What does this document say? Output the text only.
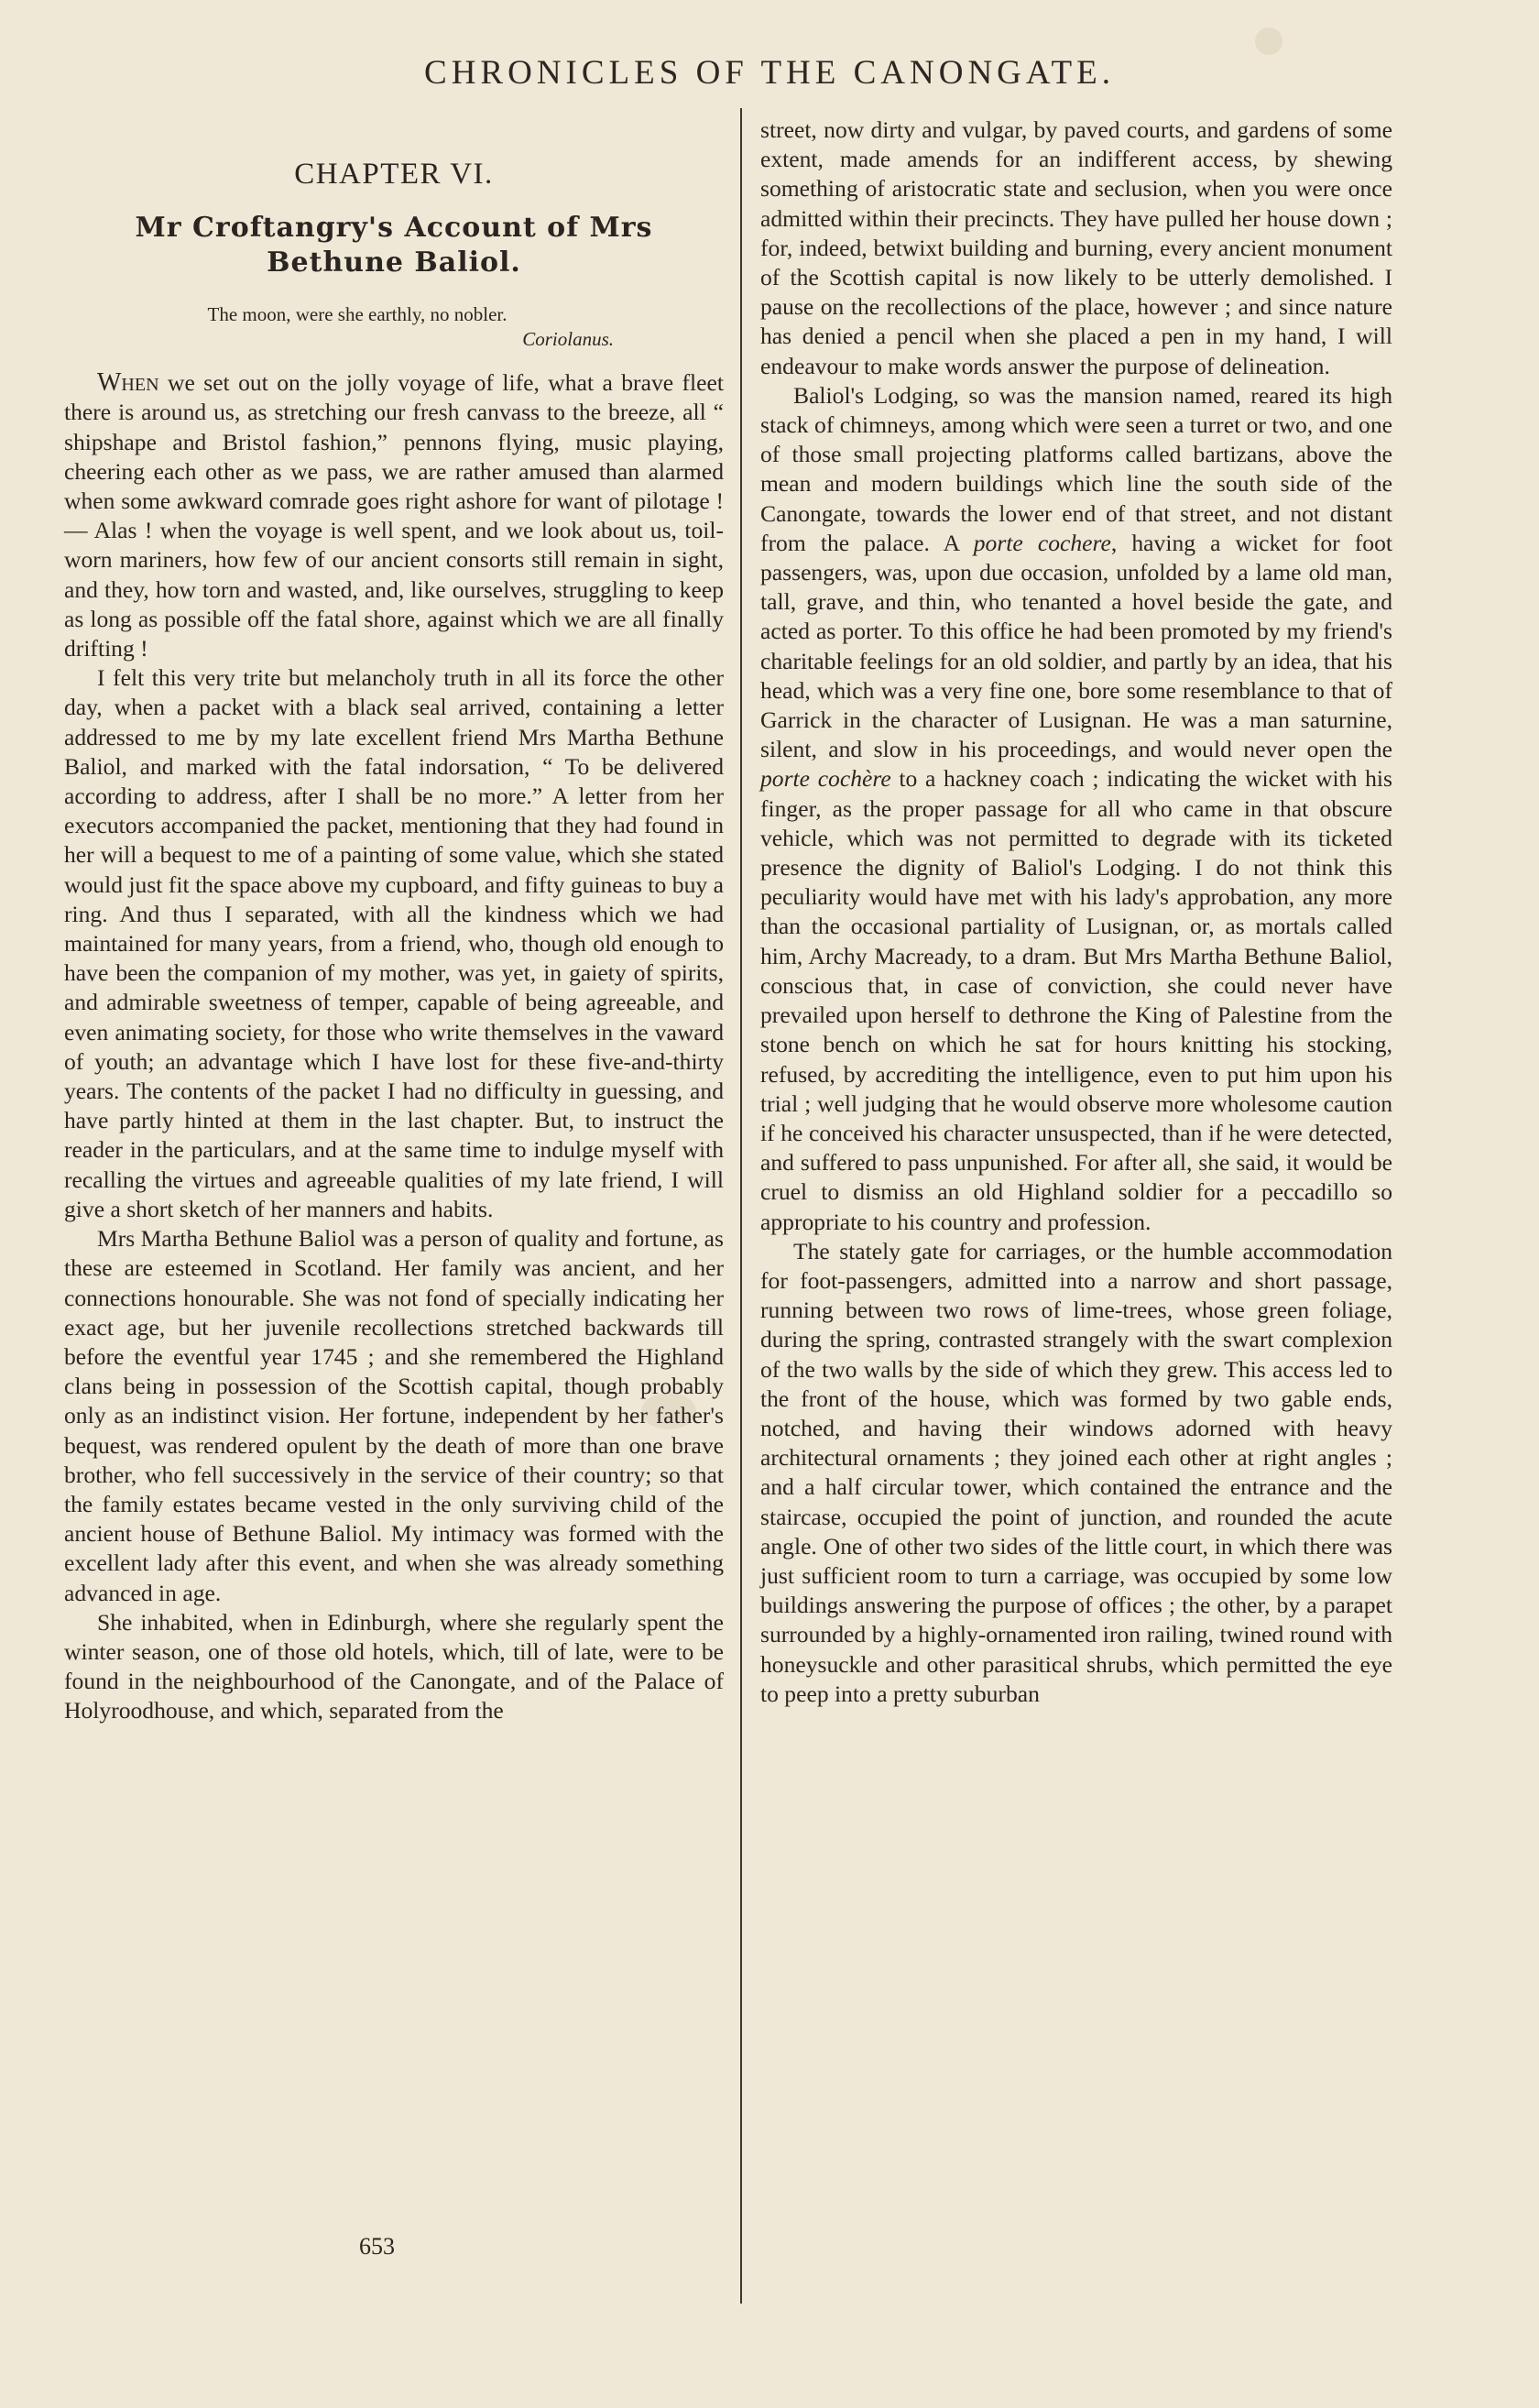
CHRONICLES OF THE CANONGATE.
CHAPTER VI.
Mr Croftangry's Account of Mrs Bethune Baliol.
The moon, were she earthly, no nobler.
Coriolanus.

When we set out on the jolly voyage of life, what a brave fleet there is around us, as stretching our fresh canvass to the breeze, all “ shipshape and Bristol fashion,” pennons flying, music playing, cheering each other as we pass, we are rather amused than alarmed when some awkward comrade goes right ashore for want of pilotage ! — Alas ! when the voyage is well spent, and we look about us, toil-worn mariners, how few of our ancient consorts still remain in sight, and they, how torn and wasted, and, like ourselves, struggling to keep as long as possible off the fatal shore, against which we are all finally drifting !

I felt this very trite but melancholy truth in all its force the other day, when a packet with a black seal arrived, containing a letter addressed to me by my late excellent friend Mrs Martha Bethune Baliol, and marked with the fatal indorsation, “ To be delivered according to address, after I shall be no more.” A letter from her executors accompanied the packet, mentioning that they had found in her will a bequest to me of a painting of some value, which she stated would just fit the space above my cupboard, and fifty guineas to buy a ring. And thus I separated, with all the kindness which we had maintained for many years, from a friend, who, though old enough to have been the companion of my mother, was yet, in gaiety of spirits, and admirable sweetness of temper, capable of being agreeable, and even animating society, for those who write themselves in the vaward of youth; an advantage which I have lost for these five-and-thirty years. The contents of the packet I had no difficulty in guessing, and have partly hinted at them in the last chapter. But, to instruct the reader in the particulars, and at the same time to indulge myself with recalling the virtues and agreeable qualities of my late friend, I will give a short sketch of her manners and habits.

Mrs Martha Bethune Baliol was a person of quality and fortune, as these are esteemed in Scotland. Her family was ancient, and her connections honourable. She was not fond of specially indicating her exact age, but her juvenile recollections stretched backwards till before the eventful year 1745 ; and she remembered the Highland clans being in possession of the Scottish capital, though probably only as an indistinct vision. Her fortune, independent by her father's bequest, was rendered opulent by the death of more than one brave brother, who fell successively in the service of their country; so that the family estates became vested in the only surviving child of the ancient house of Bethune Baliol. My intimacy was formed with the excellent lady after this event, and when she was already something advanced in age.

She inhabited, when in Edinburgh, where she regularly spent the winter season, one of those old hotels, which, till of late, were to be found in the neighbourhood of the Canongate, and of the Palace of Holyroodhouse, and which, separated from the

street, now dirty and vulgar, by paved courts, and gardens of some extent, made amends for an indifferent access, by shewing something of aristocratic state and seclusion, when you were once admitted within their precincts. They have pulled her house down ; for, indeed, betwixt building and burning, every ancient monument of the Scottish capital is now likely to be utterly demolished. I pause on the recollections of the place, however ; and since nature has denied a pencil when she placed a pen in my hand, I will endeavour to make words answer the purpose of delineation.

Baliol's Lodging, so was the mansion named, reared its high stack of chimneys, among which were seen a turret or two, and one of those small projecting platforms called bartizans, above the mean and modern buildings which line the south side of the Canongate, towards the lower end of that street, and not distant from the palace. A porte cochere, having a wicket for foot passengers, was, upon due occasion, unfolded by a lame old man, tall, grave, and thin, who tenanted a hovel beside the gate, and acted as porter. To this office he had been promoted by my friend's charitable feelings for an old soldier, and partly by an idea, that his head, which was a very fine one, bore some resemblance to that of Garrick in the character of Lusignan. He was a man saturnine, silent, and slow in his proceedings, and would never open the porte cochère to a hackney coach ; indicating the wicket with his finger, as the proper passage for all who came in that obscure vehicle, which was not permitted to degrade with its ticketed presence the dignity of Baliol's Lodging. I do not think this peculiarity would have met with his lady's approbation, any more than the occasional partiality of Lusignan, or, as mortals called him, Archy Macready, to a dram. But Mrs Martha Bethune Baliol, conscious that, in case of conviction, she could never have prevailed upon herself to dethrone the King of Palestine from the stone bench on which he sat for hours knitting his stocking, refused, by accrediting the intelligence, even to put him upon his trial ; well judging that he would observe more wholesome caution if he conceived his character unsuspected, than if he were detected, and suffered to pass unpunished. For after all, she said, it would be cruel to dismiss an old Highland soldier for a peccadillo so appropriate to his country and profession.

The stately gate for carriages, or the humble accommodation for foot-passengers, admitted into a narrow and short passage, running between two rows of lime-trees, whose green foliage, during the spring, contrasted strangely with the swart complexion of the two walls by the side of which they grew. This access led to the front of the house, which was formed by two gable ends, notched, and having their windows adorned with heavy architectural ornaments ; they joined each other at right angles ; and a half circular tower, which contained the entrance and the staircase, occupied the point of junction, and rounded the acute angle. One of other two sides of the little court, in which there was just sufficient room to turn a carriage, was occupied by some low buildings answering the purpose of offices ; the other, by a parapet surrounded by a highly-ornamented iron railing, twined round with honeysuckle and other parasitical shrubs, which permitted the eye to peep into a pretty suburban

653
